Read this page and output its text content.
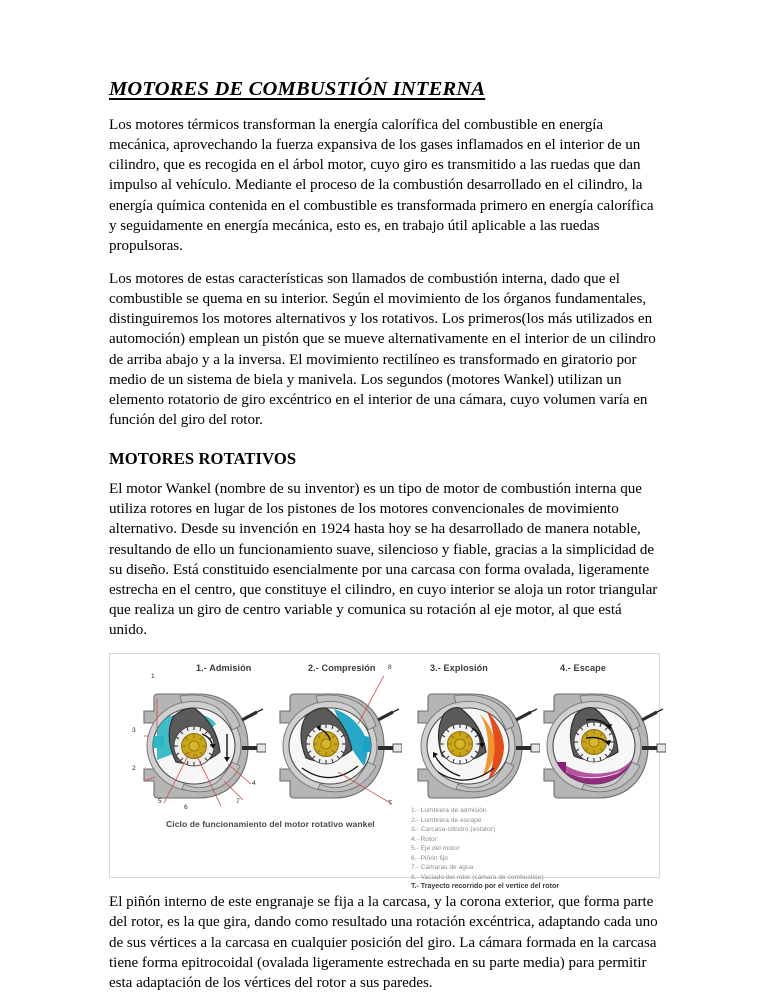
MOTORES DE COMBUSTIÓN INTERNA

Los motores térmicos transforman la energía calorífica del combustible en energía mecánica, aprovechando la fuerza expansiva de los gases inflamados en el interior de un cilindro, que es recogida en el árbol motor, cuyo giro es transmitido a las ruedas que dan impulso al vehículo. Mediante el proceso de la combustión desarrollado en el cilindro, la energía química contenida en el combustible es transformada primero en energía calorífica y seguidamente en energía mecánica, esto es, en trabajo útil aplicable a las ruedas propulsoras.

Los motores de estas características son llamados de combustión interna, dado que el combustible se quema en su interior. Según el movimiento de los órganos fundamentales, distinguiremos los motores alternativos y los rotativos. Los primeros(los más utilizados en automoción) emplean un pistón que se mueve alternativamente en el interior de un cilindro de arriba abajo y a la inversa. El movimiento rectilíneo es transformado en giratorio por medio de un sistema de biela y manivela. Los segundos (motores Wankel) utilizan un elemento rotatorio de giro excéntrico en el interior de una cámara, cuyo volumen varía en función del giro del rotor.

MOTORES ROTATIVOS

El motor Wankel (nombre de su inventor) es un tipo de motor de combustión interna que utiliza rotores en lugar de los pistones de los motores convencionales de movimiento alternativo. Desde su invención en 1924 hasta hoy se ha desarrollado de manera notable, resultando de ello un funcionamiento suave, silencioso y fiable, gracias a la simplicidad de su diseño. Está constituido esencialmente por una carcasa con forma ovalada, ligeramente estrecha en el centro, que constituye el cilindro, en cuyo interior se aloja un rotor triangular que realiza un giro de centro variable y comunica su rotación al eje motor, al que está unido.

1.- Admisión	2.- Compresión	3.- Explosión	4.- Escape
1
2
3
4
5
6
7
8
T
Ciclo de funcionamiento del motor rotativo wankel
1.- Lumbrera de admisión
2.- Lumbrera de escape
3.- Carcasa-cilindro (estator)
4.- Rotor
5.- Eje del motor
6.- Piñón fijo
7.- Cámaras de agua
8.- Vaciado del rotor (cámara de combustión)
T.- Trayecto recorrido por el vertice del rotor

El piñón interno de este engranaje se fija a la carcasa, y la corona exterior, que forma parte del rotor, es la que gira, dando como resultado una rotación excéntrica, adaptando cada uno de sus vértices a la carcasa en cualquier posición del giro. La cámara formada en la carcasa tiene forma epitrocoidal (ovalada ligeramente estrechada en su parte media) para permitir esta adaptación de los vértices del rotor a sus paredes.
